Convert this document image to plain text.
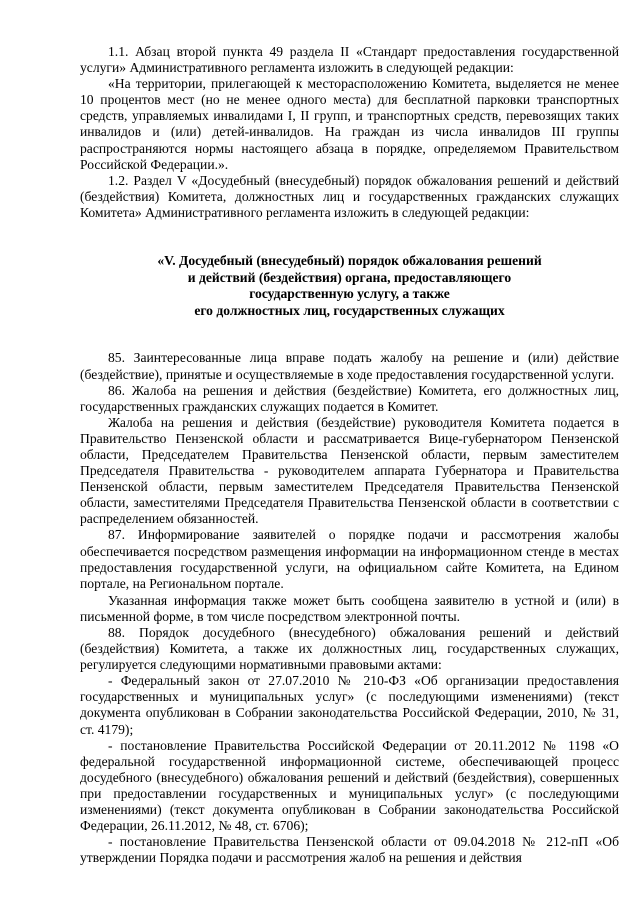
1.1. Абзац второй пункта 49 раздела II «Стандарт предоставления государственной услуги» Административного регламента изложить в следующей редакции:

«На территории, прилегающей к месторасположению Комитета, выделяется не менее 10 процентов мест (но не менее одного места) для бесплатной парковки транспортных средств, управляемых инвалидами I, II групп, и транспортных средств, перевозящих таких инвалидов и (или) детей-инвалидов. На граждан из числа инвалидов III группы распространяются нормы настоящего абзаца в порядке, определяемом Правительством Российской Федерации.».

1.2. Раздел V «Досудебный (внесудебный) порядок обжалования решений и действий (бездействия) Комитета, должностных лиц и государственных гражданских служащих Комитета» Административного регламента изложить в следующей редакции:

«V. Досудебный (внесудебный) порядок обжалования решений
и действий (бездействия) органа, предоставляющего
государственную услугу, а также
его должностных лиц, государственных служащих

85. Заинтересованные лица вправе подать жалобу на решение и (или) действие (бездействие), принятые и осуществляемые в ходе предоставления государственной услуги.

86. Жалоба на решения и действия (бездействие) Комитета, его должностных лиц, государственных гражданских служащих подается в Комитет.

Жалоба на решения и действия (бездействие) руководителя Комитета подается в Правительство Пензенской области и рассматривается Вице-губернатором Пензенской области, Председателем Правительства Пензенской области, первым заместителем Председателя Правительства - руководителем аппарата Губернатора и Правительства Пензенской области, первым заместителем Председателя Правительства Пензенской области, заместителями Председателя Правительства Пензенской области в соответствии с распределением обязанностей.

87. Информирование заявителей о порядке подачи и рассмотрения жалобы обеспечивается посредством размещения информации на информационном стенде в местах предоставления государственной услуги, на официальном сайте Комитета, на Едином портале, на Региональном портале.

Указанная информация также может быть сообщена заявителю в устной и (или) в письменной форме, в том числе посредством электронной почты.

88. Порядок досудебного (внесудебного) обжалования решений и действий (бездействия) Комитета, а также их должностных лиц, государственных служащих, регулируется следующими нормативными правовыми актами:

- Федеральный закон от 27.07.2010 № 210-ФЗ «Об организации предоставления государственных и муниципальных услуг» (с последующими изменениями) (текст документа опубликован в Собрании законодательства Российской Федерации, 2010, № 31, ст. 4179);

- постановление Правительства Российской Федерации от 20.11.2012 № 1198 «О федеральной государственной информационной системе, обеспечивающей процесс досудебного (внесудебного) обжалования решений и действий (бездействия), совершенных при предоставлении государственных и муниципальных услуг» (с последующими изменениями) (текст документа опубликован в Собрании законодательства Российской Федерации, 26.11.2012, № 48, ст. 6706);

- постановление Правительства Пензенской области от 09.04.2018 № 212-пП «Об утверждении Порядка подачи и рассмотрения жалоб на решения и действия
